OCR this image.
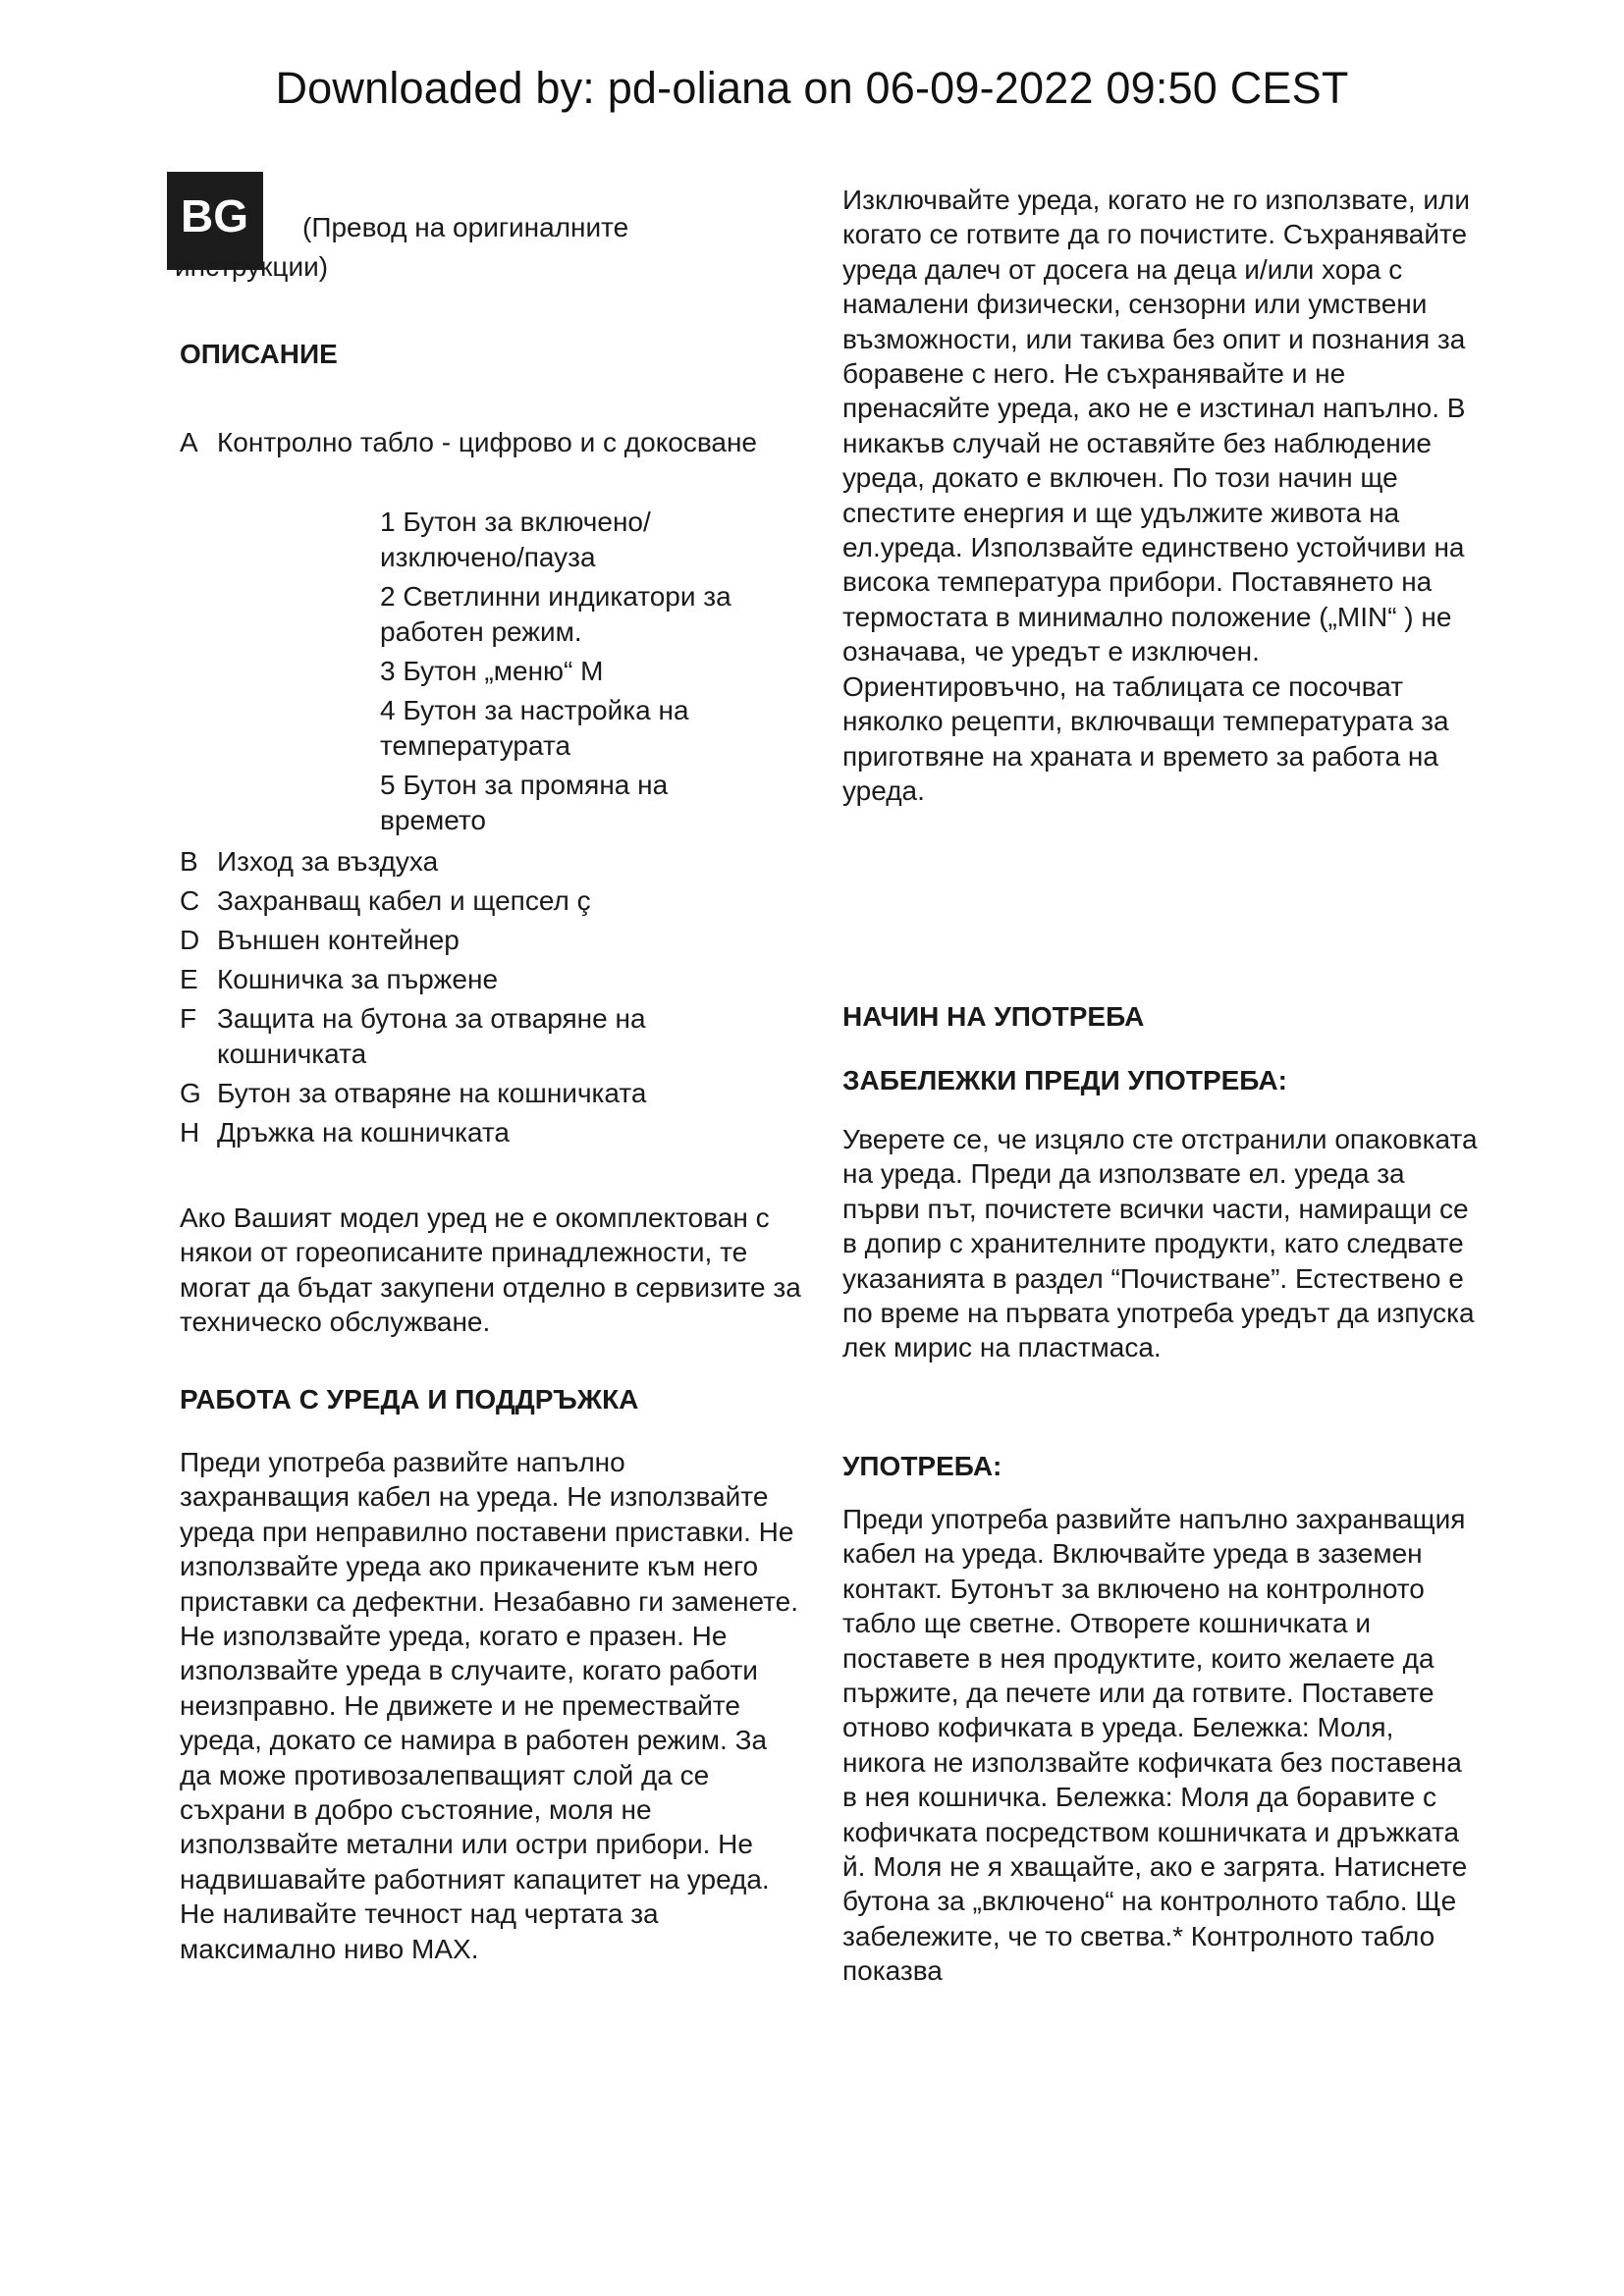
Downloaded by: pd-oliana on 06-09-2022 09:50 CEST
BG (Превод на оригиналните
инструкции)
ОПИСАНИЕ
A Контролно табло - цифрово и с докосване
1 Бутон за включено/ изключено/пауза
2 Светлинни индикатори за работен режим.
3 Бутон „меню“ M
4 Бутон за настройка на температурата
5 Бутон за промяна на времето
B Изход за въздуха
C Захранващ кабел и щепсел ç
D Външен контейнер
E Кошничка за пържене
F Защита на бутона за отваряне на кошничката
G Бутон за отваряне на кошничката
H Дръжка на кошничката
Ако Вашият модел уред не е окомплектован с някои от гореописаните принадлежности, те могат да бъдат закупени отделно в сервизите за техническо обслужване.
РАБОТА С УРЕДА И ПОДДРЪЖКА
Преди употреба развийте напълно захранващия кабел на уреда. Не използвайте уреда при неправилно поставени приставки. Не използвайте уреда ако прикачените към него приставки са дефектни. Незабавно ги заменете. Не използвайте уреда, когато е празен. Не използвайте уреда в случаите, когато работи неизправно. Не движете и не премествайте уреда, докато се намира в работен режим. За да може противозалепващият слой да се съхрани в добро състояние, моля не използвайте метални или остри прибори. Не надвишавайте работният капацитет на уреда. Не наливайте течност над чертата за максимално ниво MAX.
Изключвайте уреда, когато не го използвате, или когато се готвите да го почистите. Съхранявайте уреда далеч от досега на деца и/или хора с намалени физически, сензорни или умствени възможности, или такива без опит и познания за боравене с него. Не съхранявайте и не пренасяйте уреда, ако не е изстинал напълно. В никакъв случай не оставяйте без наблюдение уреда, докато е включен. По този начин ще спестите енергия и ще удължите живота на ел.уреда. Използвайте единствено устойчиви на висока температура прибори. Поставянето на термостата в минимално положение („MIN“ ) не означава, че уредът е изключен. Ориентировъчно, на таблицата се посочват няколко рецепти, включващи температурата за приготвяне на храната и времето за работа на уреда.
НАЧИН НА УПОТРЕБА
ЗАБЕЛЕЖКИ ПРЕДИ УПОТРЕБА:
Уверете се, че изцяло сте отстранили опаковката на уреда. Преди да използвате ел. уреда за първи път, почистете всички части, намиращи се в допир с хранителните продукти, като следвате указанията в раздел “Почистване”. Естествено е по време на първата употреба уредът да изпуска лек мирис на пластмаса.
УПОТРЕБА:
Преди употреба развийте напълно захранващия кабел на уреда. Включвайте уреда в заземен контакт. Бутонът за включено на контролното табло ще светне. Отворете кошничката и поставете в нея продуктите, които желаете да пържите, да печете или да готвите. Поставете отново кофичката в уреда. Бележка: Моля, никога не използвайте кофичката без поставена в нея кошничка. Бележка: Моля да боравите с кофичката посредством кошничката и дръжката й. Моля не я хващайте, ако е загрята. Натиснете бутона за „включено“ на контролното табло. Ще забележите, че то светва.* Контролното табло показва
